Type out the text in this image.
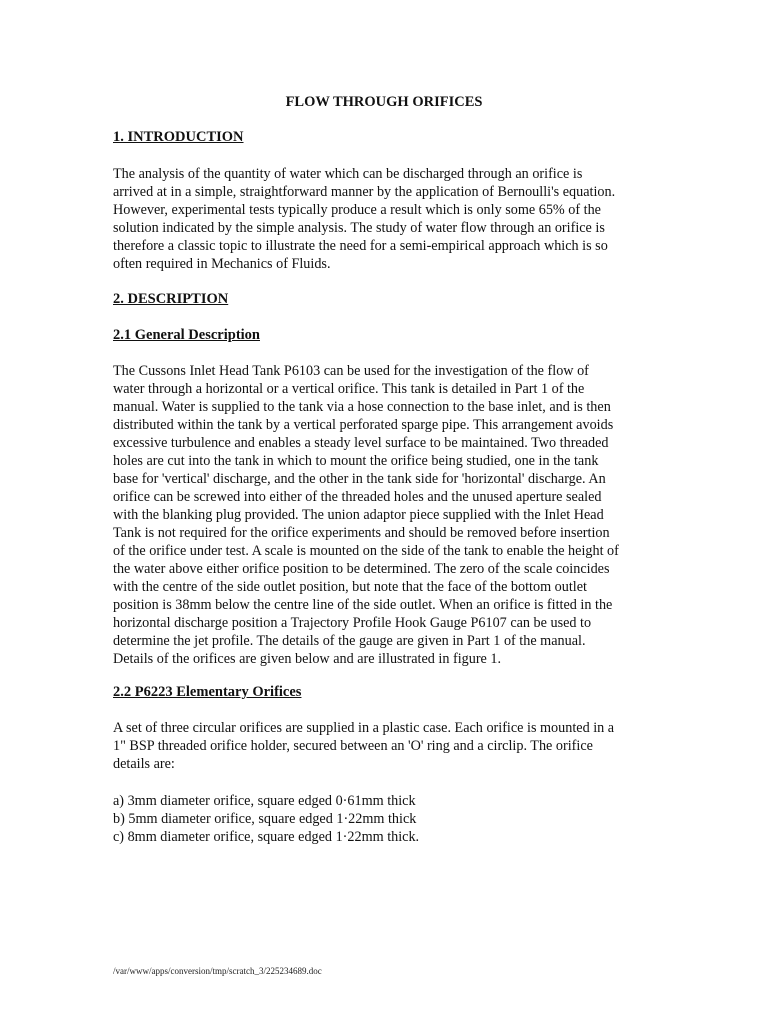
FLOW THROUGH ORIFICES
1. INTRODUCTION
The analysis of the quantity of water which can be discharged through an orifice is
arrived at in a simple, straightforward manner by the application of Bernoulli's equation.
However, experimental tests typically produce a result which is only some 65% of the
solution indicated by the simple analysis. The study of water flow through an orifice is
therefore a classic topic to illustrate the need for a semi-empirical approach which is so
often required in Mechanics of Fluids.
2. DESCRIPTION
2.1 General Description
The Cussons Inlet Head Tank P6103 can be used for the investigation of the flow of
water through a horizontal or a vertical orifice. This tank is detailed in Part 1 of the
manual. Water is supplied to the tank via a hose connection to the base inlet, and is then
distributed within the tank by a vertical perforated sparge pipe. This arrangement avoids
excessive turbulence and enables a steady level surface to be maintained. Two threaded
holes are cut into the tank in which to mount the orifice being studied, one in the tank
base for 'vertical' discharge, and the other in the tank side for 'horizontal' discharge. An
orifice can be screwed into either of the threaded holes and the unused aperture sealed
with the blanking plug provided. The union adaptor piece supplied with the Inlet Head
Tank is not required for the orifice experiments and should be removed before insertion
of the orifice under test. A scale is mounted on the side of the tank to enable the height of
the water above either orifice position to be determined. The zero of the scale coincides
with the centre of the side outlet position, but note that the face of the bottom outlet
position is 38mm below the centre line of the side outlet. When an orifice is fitted in the
horizontal discharge position a Trajectory Profile Hook Gauge P6107 can be used to
determine the jet profile. The details of the gauge are given in Part 1 of the manual.
Details of the orifices are given below and are illustrated in figure 1.
2.2 P6223 Elementary Orifices
A set of three circular orifices are supplied in a plastic case. Each orifice is mounted in a
1" BSP threaded orifice holder, secured between an 'O' ring and a circlip. The orifice
details are:
a) 3mm diameter orifice, square edged 0·61mm thick
b) 5mm diameter orifice, square edged 1·22mm thick
c) 8mm diameter orifice, square edged 1·22mm thick.
/var/www/apps/conversion/tmp/scratch_3/225234689.doc
